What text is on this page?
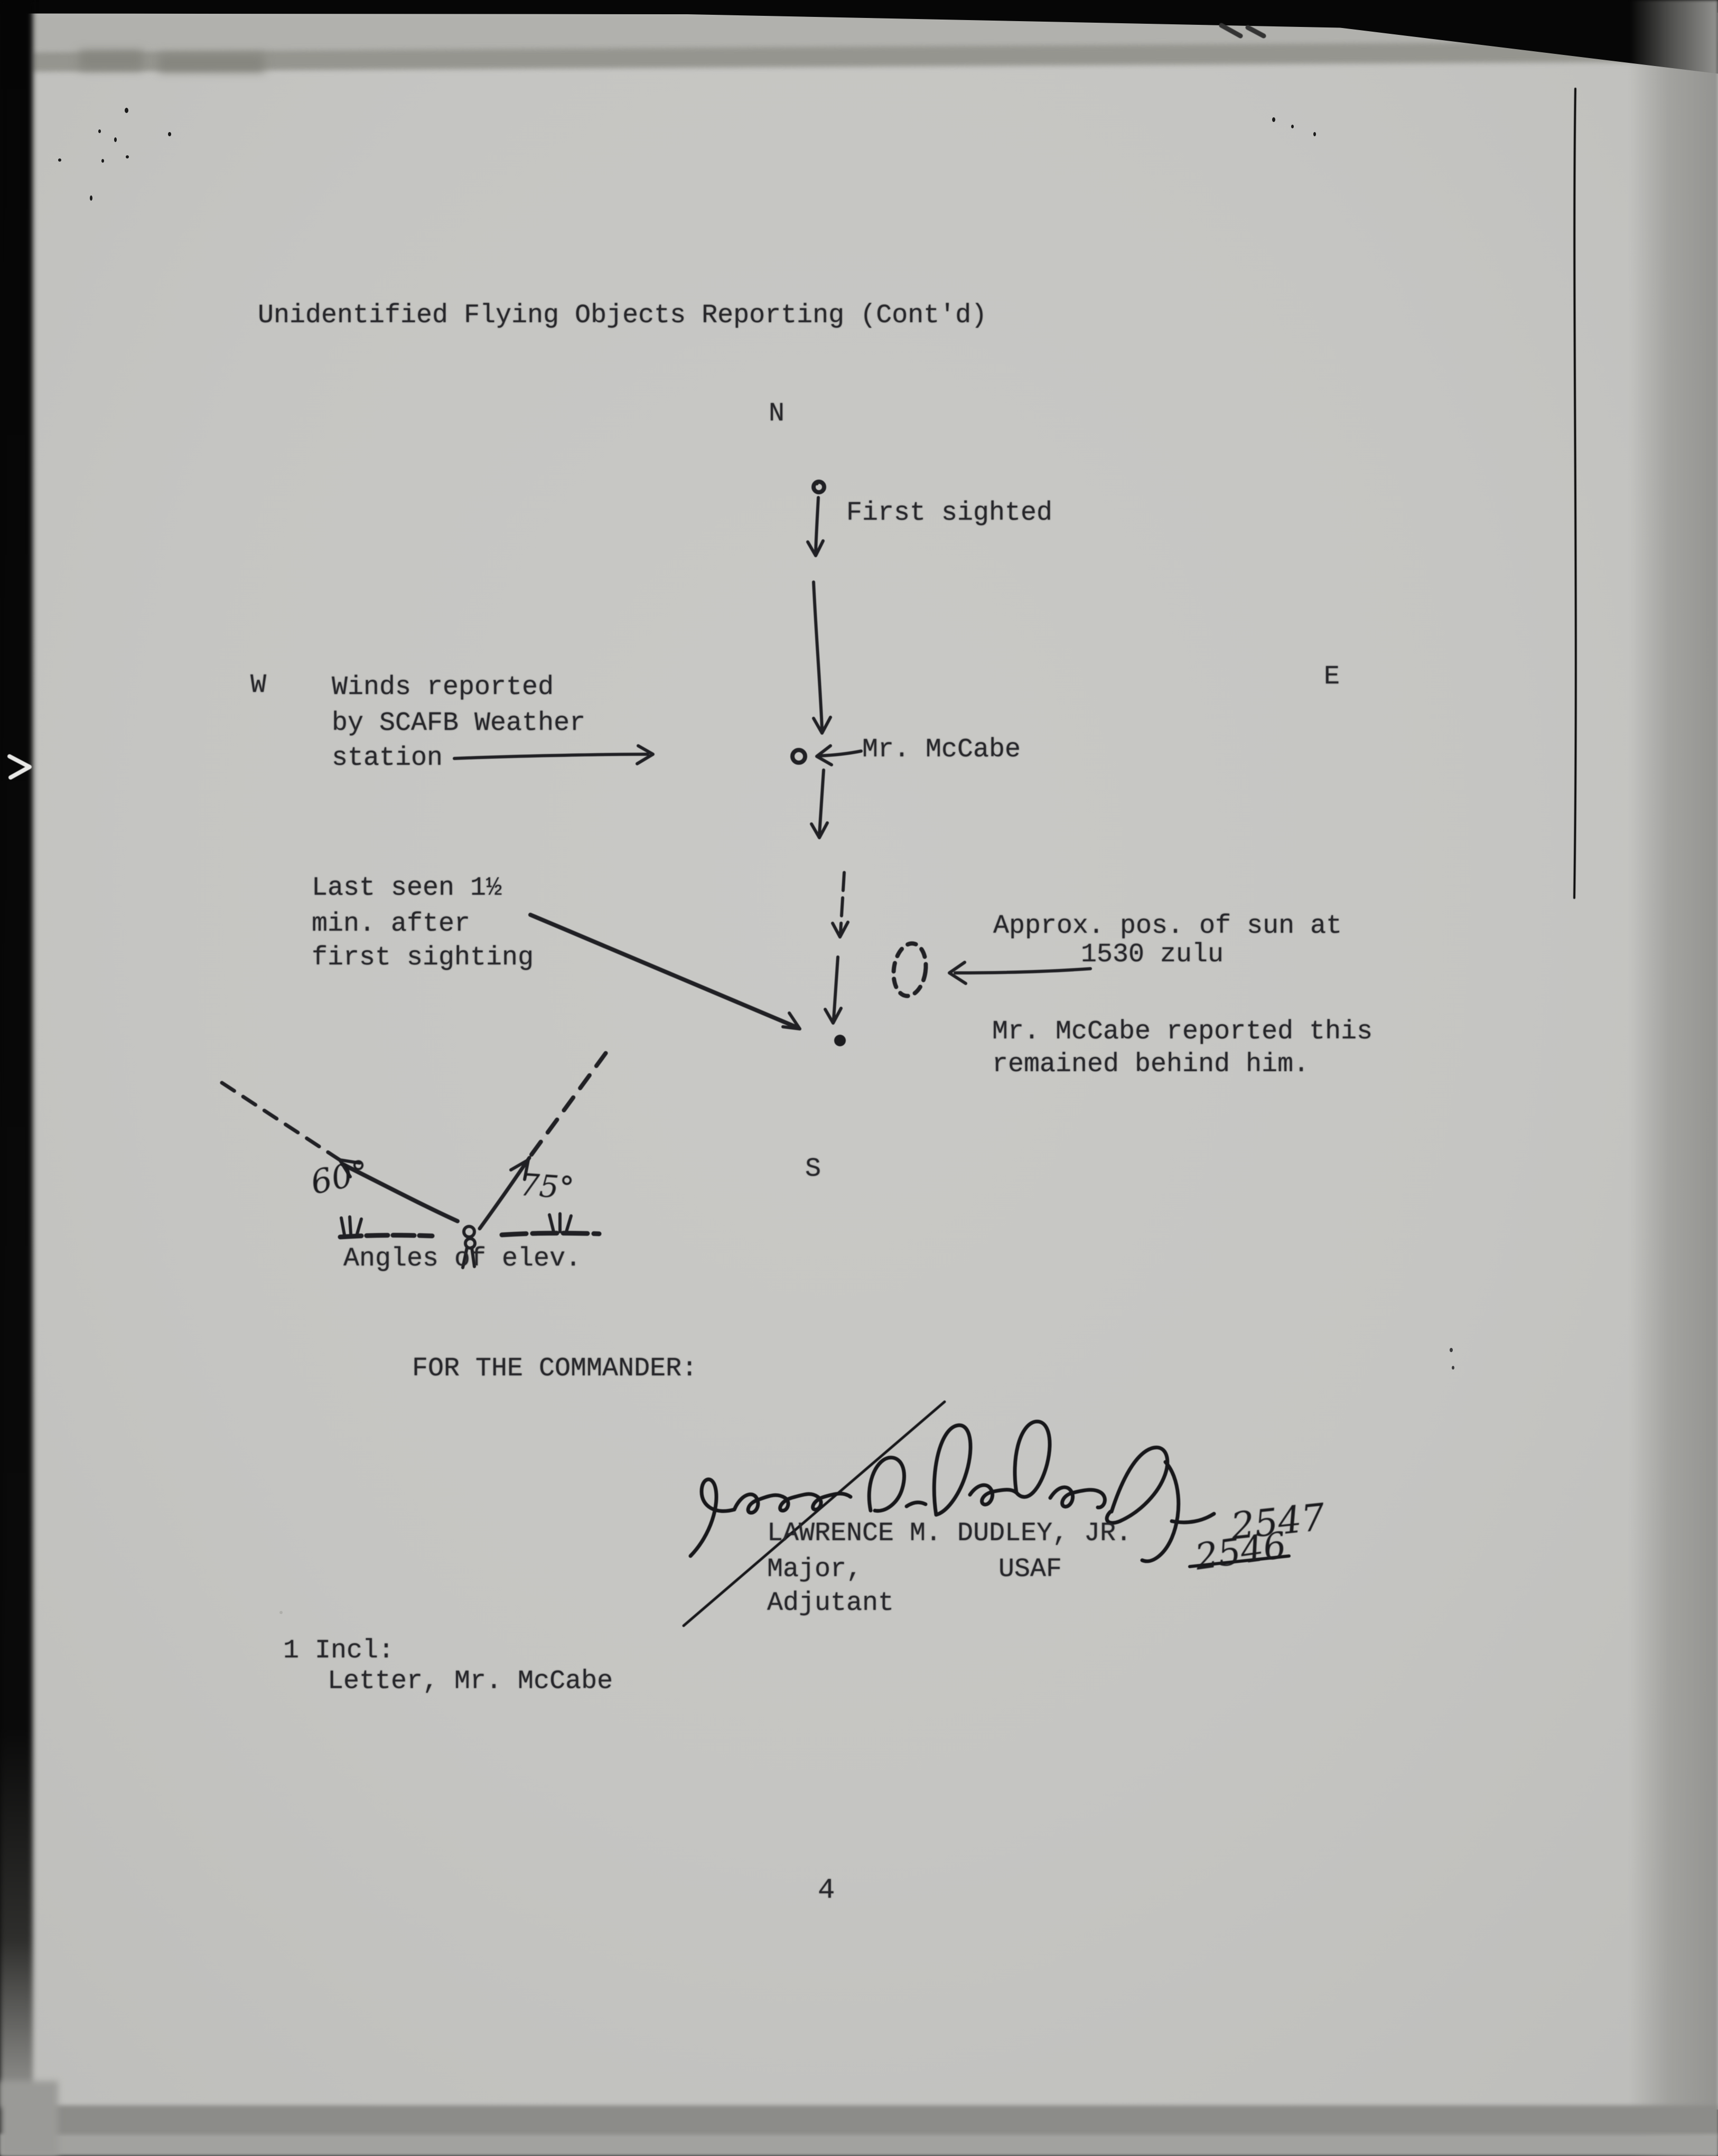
Unidentified Flying Objects Reporting (Cont'd)
N
E
S
W
First sighted
Winds reported
by SCAFB Weather
station	Mr. McCabe
Last seen 1½
min. after
first sighting
Approx. pos. of sun at
1530 zulu
Mr. McCabe reported this
remained behind him.
60°	75°
Angles of elev.
FOR THE COMMANDER:
LAWRENCE M. DUDLEY, JR.
Major,	USAF
Adjutant
2547
2546
1 Incl:
Letter, Mr. McCabe
4
